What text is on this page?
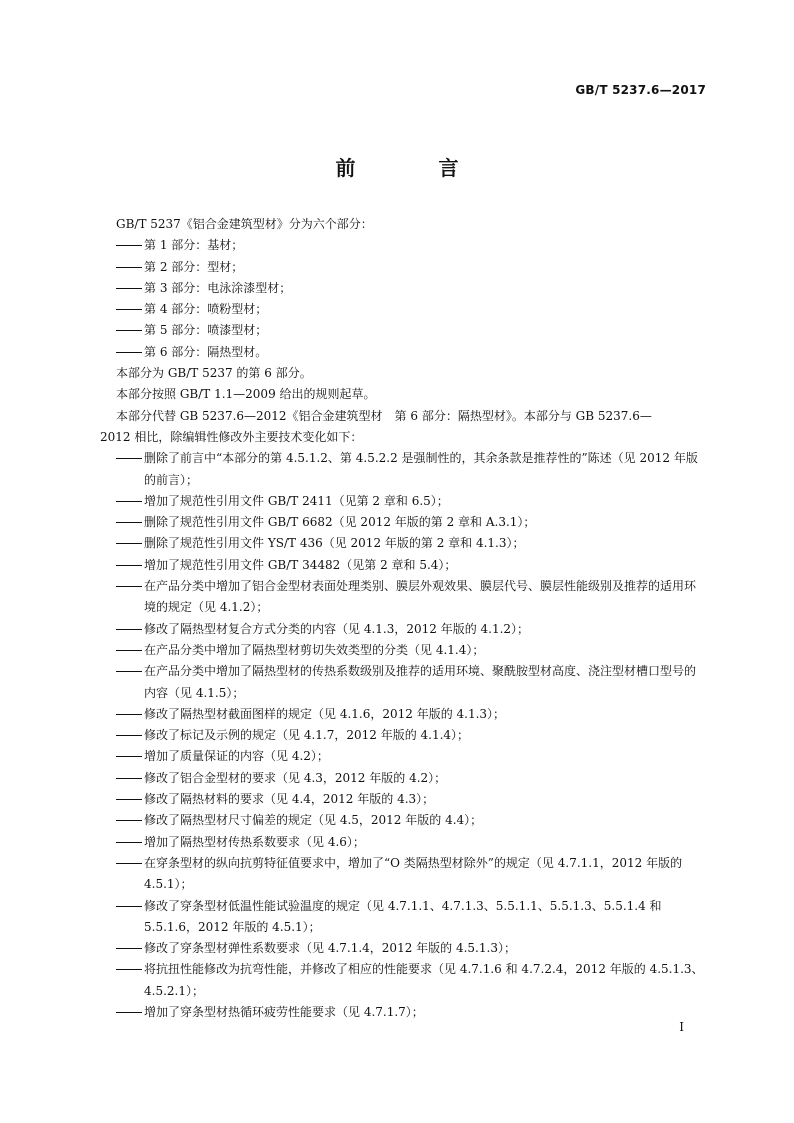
GB/T 5237.6—2017
前 言
GB/T 5237《铝合金建筑型材》分为六个部分：
第 1 部分：基材；
第 2 部分：型材；
第 3 部分：电泳涂漆型材；
第 4 部分：喷粉型材；
第 5 部分：喷漆型材；
第 6 部分：隔热型材。
本部分为 GB/T 5237 的第 6 部分。
本部分按照 GB/T 1.1—2009 给出的规则起草。
本部分代替 GB 5237.6—2012《铝合金建筑型材　第 6 部分：隔热型材》。本部分与 GB 5237.6—
2012 相比，除编辑性修改外主要技术变化如下：
删除了前言中“本部分的第 4.5.1.2、第 4.5.2.2 是强制性的，其余条款是推荐性的”陈述（见 2012 年版的前言）；
增加了规范性引用文件 GB/T 2411（见第 2 章和 6.5）；
删除了规范性引用文件 GB/T 6682（见 2012 年版的第 2 章和 A.3.1）；
删除了规范性引用文件 YS/T 436（见 2012 年版的第 2 章和 4.1.3）；
增加了规范性引用文件 GB/T 34482（见第 2 章和 5.4）；
在产品分类中增加了铝合金型材表面处理类别、膜层外观效果、膜层代号、膜层性能级别及推荐的适用环境的规定（见 4.1.2）；
修改了隔热型材复合方式分类的内容（见 4.1.3，2012 年版的 4.1.2）；
在产品分类中增加了隔热型材剪切失效类型的分类（见 4.1.4）；
在产品分类中增加了隔热型材的传热系数级别及推荐的适用环境、聚酰胺型材高度、浇注型材槽口型号的内容（见 4.1.5）；
修改了隔热型材截面图样的规定（见 4.1.6，2012 年版的 4.1.3）；
修改了标记及示例的规定（见 4.1.7，2012 年版的 4.1.4）；
增加了质量保证的内容（见 4.2）；
修改了铝合金型材的要求（见 4.3，2012 年版的 4.2）；
修改了隔热材料的要求（见 4.4，2012 年版的 4.3）；
修改了隔热型材尺寸偏差的规定（见 4.5，2012 年版的 4.4）；
增加了隔热型材传热系数要求（见 4.6）；
在穿条型材的纵向抗剪特征值要求中，增加了“O 类隔热型材除外”的规定（见 4.7.1.1，2012 年版的 4.5.1）；
修改了穿条型材低温性能试验温度的规定（见 4.7.1.1、4.7.1.3、5.5.1.1、5.5.1.3、5.5.1.4 和 5.5.1.6，2012 年版的 4.5.1）；
修改了穿条型材弹性系数要求（见 4.7.1.4，2012 年版的 4.5.1.3）；
将抗扭性能修改为抗弯性能，并修改了相应的性能要求（见 4.7.1.6 和 4.7.2.4，2012 年版的 4.5.1.3、4.5.2.1）；
增加了穿条型材热循环疲劳性能要求（见 4.7.1.7）；
I
